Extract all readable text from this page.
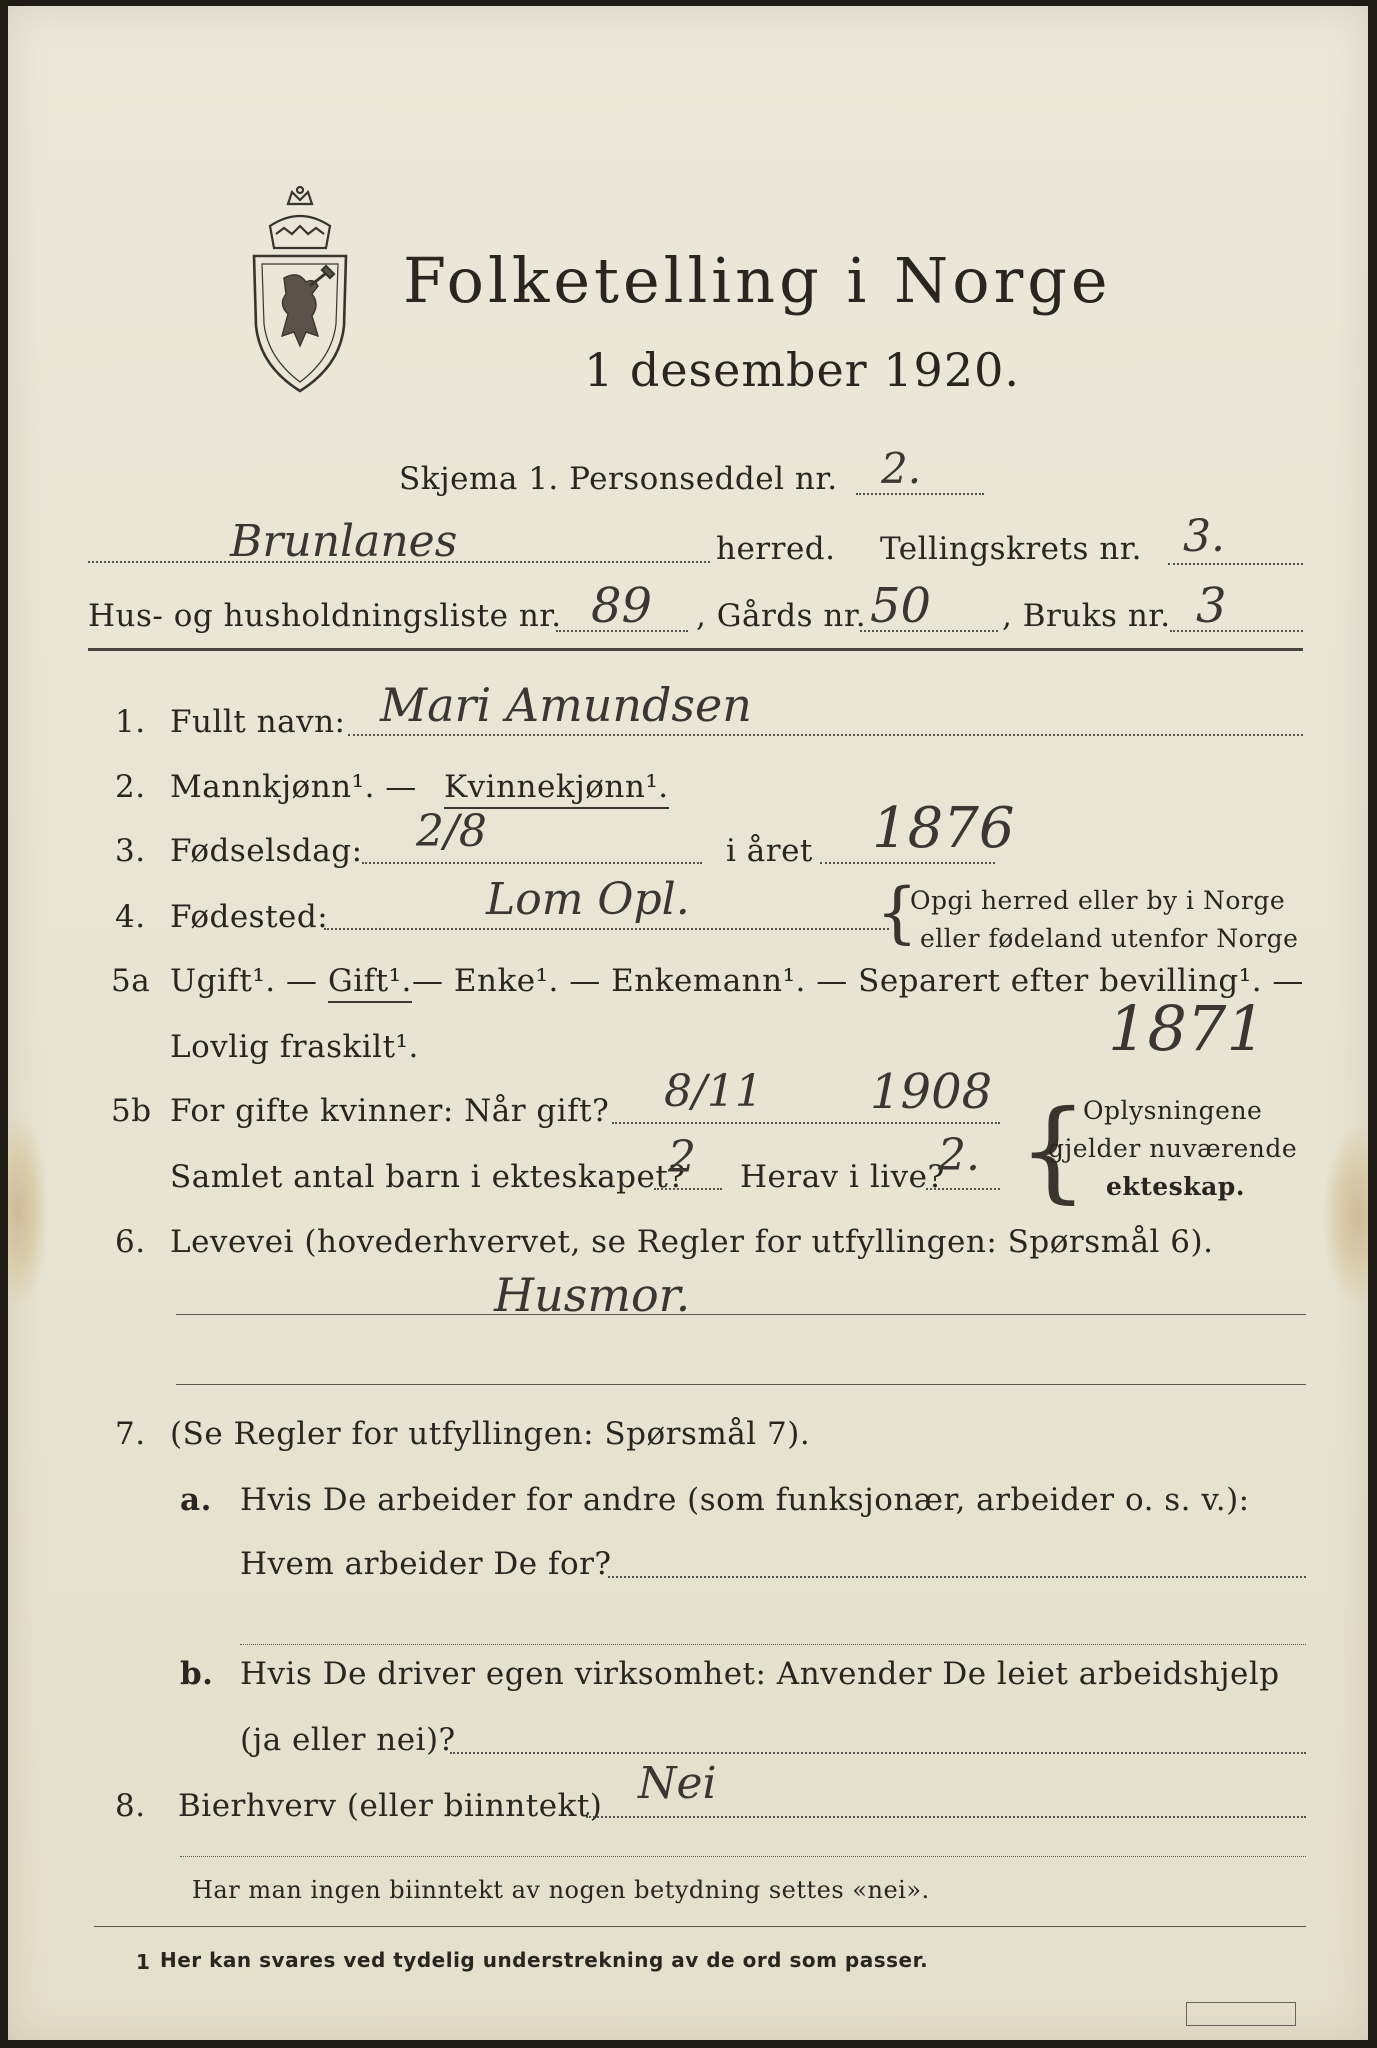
Folketelling i Norge
1 desember 1920.
Skjema 1. Personseddel nr. 2.
Brunlanes	herred. Tellingskrets nr. 3.
Hus- og husholdningsliste nr. 89 , Gårds nr. 50 , Bruks nr. 3
1. Fullt navn: Mari Amundsen
2. Mannkjønn¹. — Kvinnekjønn¹.
3. Fødselsdag: 2/8	i året 1876
4. Fødested:	Lom Opl.	{
Opgi herred eller by i Norge
eller fødeland utenfor Norge
5a Ugift¹. — Gift¹. — Enke¹. — Enkemann¹. — Separert efter bevilling¹. —
Lovlig fraskilt¹.	1871
5b For gifte kvinner: Når gift? 8/11 1908
Samlet antal barn i ekteskapet?
2 Herav i live?
2. {
Oplysningene
gjelder nuværende
ekteskap.
6. Levevei (hovederhvervet, se Regler for utfyllingen: Spørsmål 6).
Husmor.
7. (Se Regler for utfyllingen: Spørsmål 7).
a. Hvis De arbeider for andre (som funksjonær, arbeider o. s. v.):
Hvem arbeider De for?
b. Hvis De driver egen virksomhet: Anvender De leiet arbeidshjelp
(ja eller nei)?
8. Bierhverv (eller biinntekt) Nei
Har man ingen biinntekt av nogen betydning settes «nei».
1 Her kan svares ved tydelig understrekning av de ord som passer.
